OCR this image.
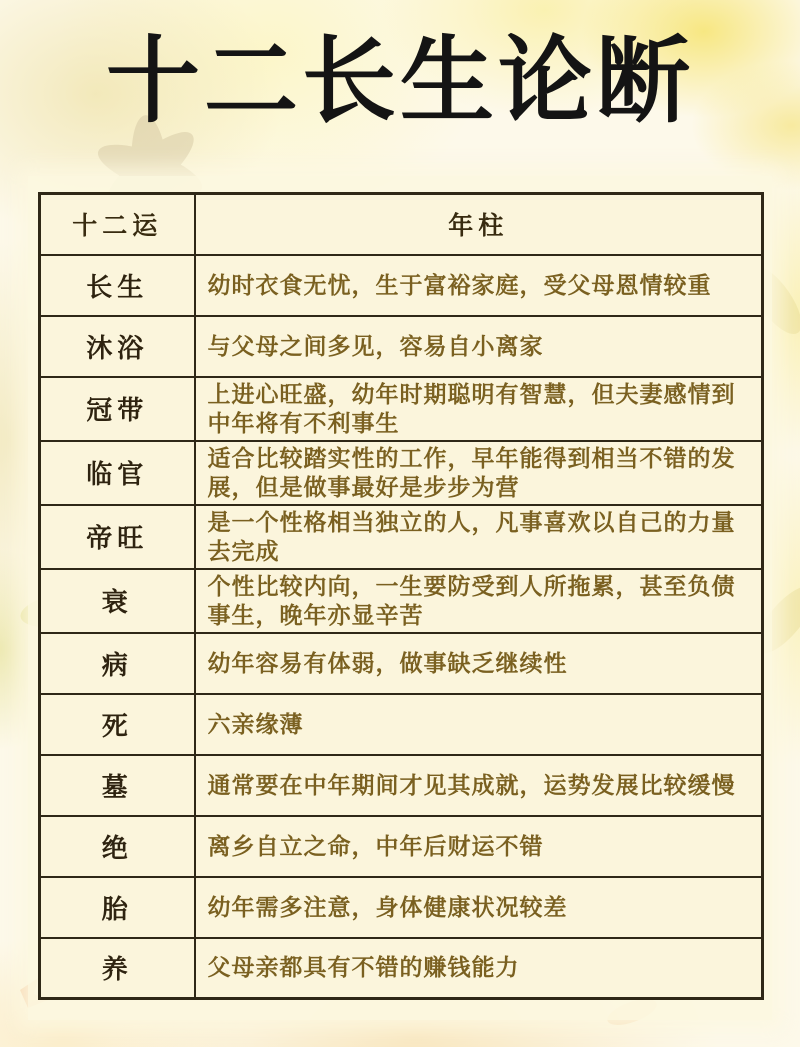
十二长生论断
十二运	年柱
长生	幼时衣食无忧，生于富裕家庭，受父母恩情较重
沐浴	与父母之间多见，容易自小离家
冠带	上进心旺盛，幼年时期聪明有智慧，但夫妻感情到中年将有不利事生
临官	适合比较踏实性的工作，早年能得到相当不错的发展，但是做事最好是步步为营
帝旺	是一个性格相当独立的人，凡事喜欢以自己的力量去完成
衰	个性比较内向，一生要防受到人所拖累，甚至负债事生，晚年亦显辛苦
病	幼年容易有体弱，做事缺乏继续性
死	六亲缘薄
墓	通常要在中年期间才见其成就，运势发展比较缓慢
绝	离乡自立之命，中年后财运不错
胎	幼年需多注意，身体健康状况较差
养	父母亲都具有不错的赚钱能力
